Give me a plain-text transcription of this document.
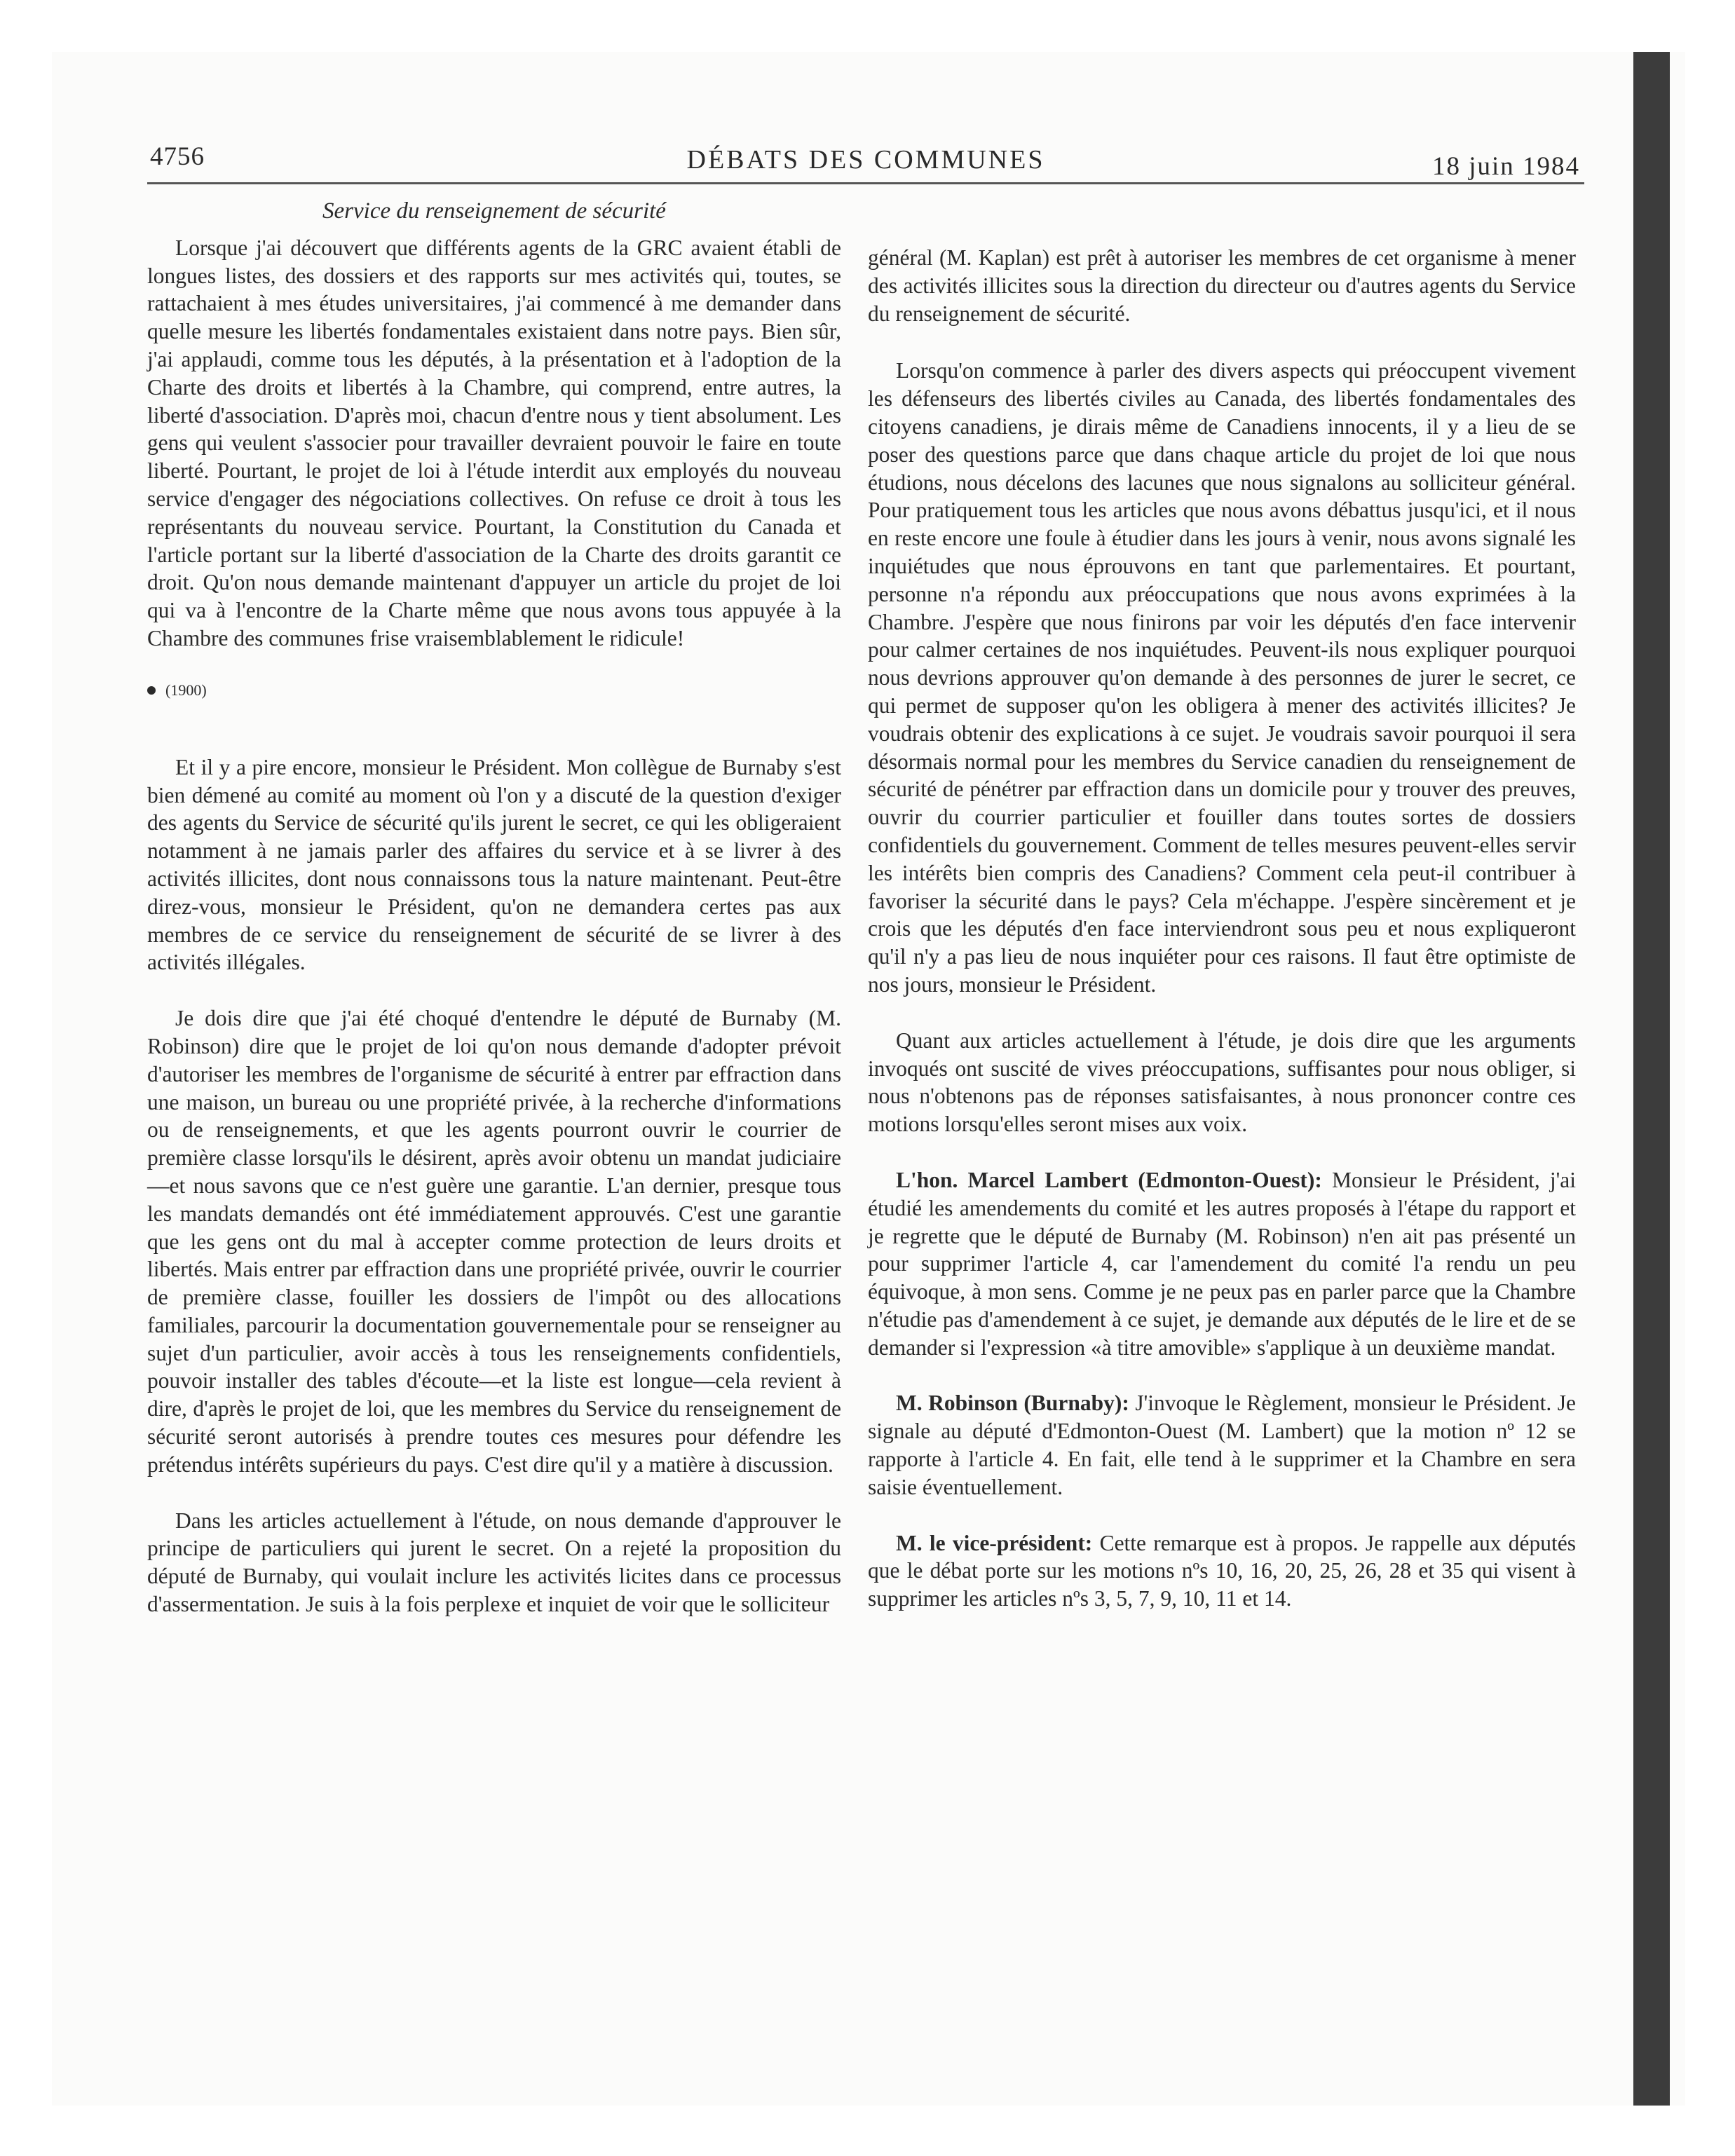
4756	DÉBATS DES COMMUNES	18 juin 1984
Service du renseignement de sécurité

Lorsque j'ai découvert que différents agents de la GRC avaient établi de longues listes, des dossiers et des rapports sur mes activités qui, toutes, se rattachaient à mes études universitaires, j'ai commencé à me demander dans quelle mesure les libertés fondamentales existaient dans notre pays. Bien sûr, j'ai applaudi, comme tous les députés, à la présentation et à l'adoption de la Charte des droits et libertés à la Chambre, qui comprend, entre autres, la liberté d'association. D'après moi, chacun d'entre nous y tient absolument. Les gens qui veulent s'associer pour travailler devraient pouvoir le faire en toute liberté. Pourtant, le projet de loi à l'étude interdit aux employés du nouveau service d'engager des négociations collectives. On refuse ce droit à tous les représentants du nouveau service. Pourtant, la Constitution du Canada et l'article portant sur la liberté d'association de la Charte des droits garantit ce droit. Qu'on nous demande maintenant d'appuyer un article du projet de loi qui va à l'encontre de la Charte même que nous avons tous appuyée à la Chambre des communes frise vraisemblablement le ridicule!

(1900)

Et il y a pire encore, monsieur le Président. Mon collègue de Burnaby s'est bien démené au comité au moment où l'on y a discuté de la question d'exiger des agents du Service de sécurité qu'ils jurent le secret, ce qui les obligeraient notamment à ne jamais parler des affaires du service et à se livrer à des activités illicites, dont nous connaissons tous la nature maintenant. Peut-être direz-vous, monsieur le Président, qu'on ne demandera certes pas aux membres de ce service du renseignement de sécurité de se livrer à des activités illégales.

Je dois dire que j'ai été choqué d'entendre le député de Burnaby (M. Robinson) dire que le projet de loi qu'on nous demande d'adopter prévoit d'autoriser les membres de l'organisme de sécurité à entrer par effraction dans une maison, un bureau ou une propriété privée, à la recherche d'informations ou de renseignements, et que les agents pourront ouvrir le courrier de première classe lorsqu'ils le désirent, après avoir obtenu un mandat judiciaire—et nous savons que ce n'est guère une garantie. L'an dernier, presque tous les mandats demandés ont été immédiatement approuvés. C'est une garantie que les gens ont du mal à accepter comme protection de leurs droits et libertés. Mais entrer par effraction dans une propriété privée, ouvrir le courrier de première classe, fouiller les dossiers de l'impôt ou des allocations familiales, parcourir la documentation gouvernementale pour se renseigner au sujet d'un particulier, avoir accès à tous les renseignements confidentiels, pouvoir installer des tables d'écoute—et la liste est longue—cela revient à dire, d'après le projet de loi, que les membres du Service du renseignement de sécurité seront autorisés à prendre toutes ces mesures pour défendre les prétendus intérêts supérieurs du pays. C'est dire qu'il y a matière à discussion.

Dans les articles actuellement à l'étude, on nous demande d'approuver le principe de particuliers qui jurent le secret. On a rejeté la proposition du député de Burnaby, qui voulait inclure les activités licites dans ce processus d'assermentation. Je suis à la fois perplexe et inquiet de voir que le solliciteur

général (M. Kaplan) est prêt à autoriser les membres de cet organisme à mener des activités illicites sous la direction du directeur ou d'autres agents du Service du renseignement de sécurité.

Lorsqu'on commence à parler des divers aspects qui préoccupent vivement les défenseurs des libertés civiles au Canada, des libertés fondamentales des citoyens canadiens, je dirais même de Canadiens innocents, il y a lieu de se poser des questions parce que dans chaque article du projet de loi que nous étudions, nous décelons des lacunes que nous signalons au solliciteur général. Pour pratiquement tous les articles que nous avons débattus jusqu'ici, et il nous en reste encore une foule à étudier dans les jours à venir, nous avons signalé les inquiétudes que nous éprouvons en tant que parlementaires. Et pourtant, personne n'a répondu aux préoccupations que nous avons exprimées à la Chambre. J'espère que nous finirons par voir les députés d'en face intervenir pour calmer certaines de nos inquiétudes. Peuvent-ils nous expliquer pourquoi nous devrions approuver qu'on demande à des personnes de jurer le secret, ce qui permet de supposer qu'on les obligera à mener des activités illicites? Je voudrais obtenir des explications à ce sujet. Je voudrais savoir pourquoi il sera désormais normal pour les membres du Service canadien du renseignement de sécurité de pénétrer par effraction dans un domicile pour y trouver des preuves, ouvrir du courrier particulier et fouiller dans toutes sortes de dossiers confidentiels du gouvernement. Comment de telles mesures peuvent-elles servir les intérêts bien compris des Canadiens? Comment cela peut-il contribuer à favoriser la sécurité dans le pays? Cela m'échappe. J'espère sincèrement et je crois que les députés d'en face interviendront sous peu et nous expliqueront qu'il n'y a pas lieu de nous inquiéter pour ces raisons. Il faut être optimiste de nos jours, monsieur le Président.

Quant aux articles actuellement à l'étude, je dois dire que les arguments invoqués ont suscité de vives préoccupations, suffisantes pour nous obliger, si nous n'obtenons pas de réponses satisfaisantes, à nous prononcer contre ces motions lorsqu'elles seront mises aux voix.

L'hon. Marcel Lambert (Edmonton-Ouest): Monsieur le Président, j'ai étudié les amendements du comité et les autres proposés à l'étape du rapport et je regrette que le député de Burnaby (M. Robinson) n'en ait pas présenté un pour supprimer l'article 4, car l'amendement du comité l'a rendu un peu équivoque, à mon sens. Comme je ne peux pas en parler parce que la Chambre n'étudie pas d'amendement à ce sujet, je demande aux députés de le lire et de se demander si l'expression «à titre amovible» s'applique à un deuxième mandat.

M. Robinson (Burnaby): J'invoque le Règlement, monsieur le Président. Je signale au député d'Edmonton-Ouest (M. Lambert) que la motion nº 12 se rapporte à l'article 4. En fait, elle tend à le supprimer et la Chambre en sera saisie éventuellement.

M. le vice-président: Cette remarque est à propos. Je rappelle aux députés que le débat porte sur les motions nºs 10, 16, 20, 25, 26, 28 et 35 qui visent à supprimer les articles nºs 3, 5, 7, 9, 10, 11 et 14.
